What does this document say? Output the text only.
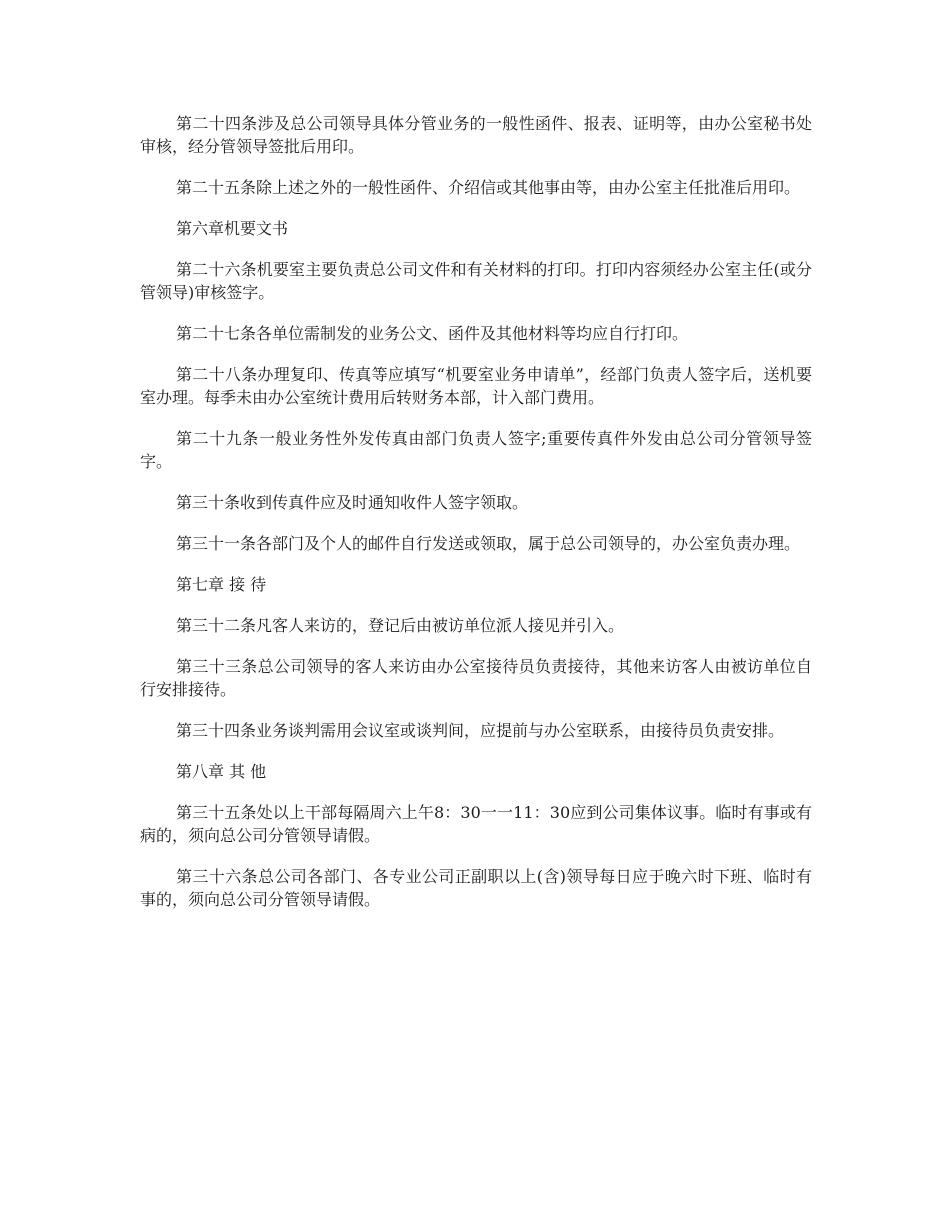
第二十四条涉及总公司领导具体分管业务的一般性函件、报表、证明等，由办公室秘书处审核，经分管领导签批后用印。

第二十五条除上述之外的一般性函件、介绍信或其他事由等，由办公室主任批准后用印。

第六章机要文书

第二十六条机要室主要负责总公司文件和有关材料的打印。打印内容须经办公室主任(或分管领导)审核签字。

第二十七条各单位需制发的业务公文、函件及其他材料等均应自行打印。

第二十八条办理复印、传真等应填写“机要室业务申请单”，经部门负责人签字后，送机要室办理。每季未由办公室统计费用后转财务本部，计入部门费用。

第二十九条一般业务性外发传真由部门负责人签字;重要传真件外发由总公司分管领导签字。

第三十条收到传真件应及时通知收件人签字领取。

第三十一条各部门及个人的邮件自行发送或领取，属于总公司领导的，办公室负责办理。

第七章 接 待

第三十二条凡客人来访的，登记后由被访单位派人接见并引入。

第三十三条总公司领导的客人来访由办公室接待员负责接待，其他来访客人由被访单位自行安排接待。

第三十四条业务谈判需用会议室或谈判间，应提前与办公室联系，由接待员负责安排。

第八章 其 他

第三十五条处以上干部每隔周六上午8：30一一11：30应到公司集体议事。临时有事或有病的，须向总公司分管领导请假。

第三十六条总公司各部门、各专业公司正副职以上(含)领导每日应于晚六时下班、临时有事的，须向总公司分管领导请假。
